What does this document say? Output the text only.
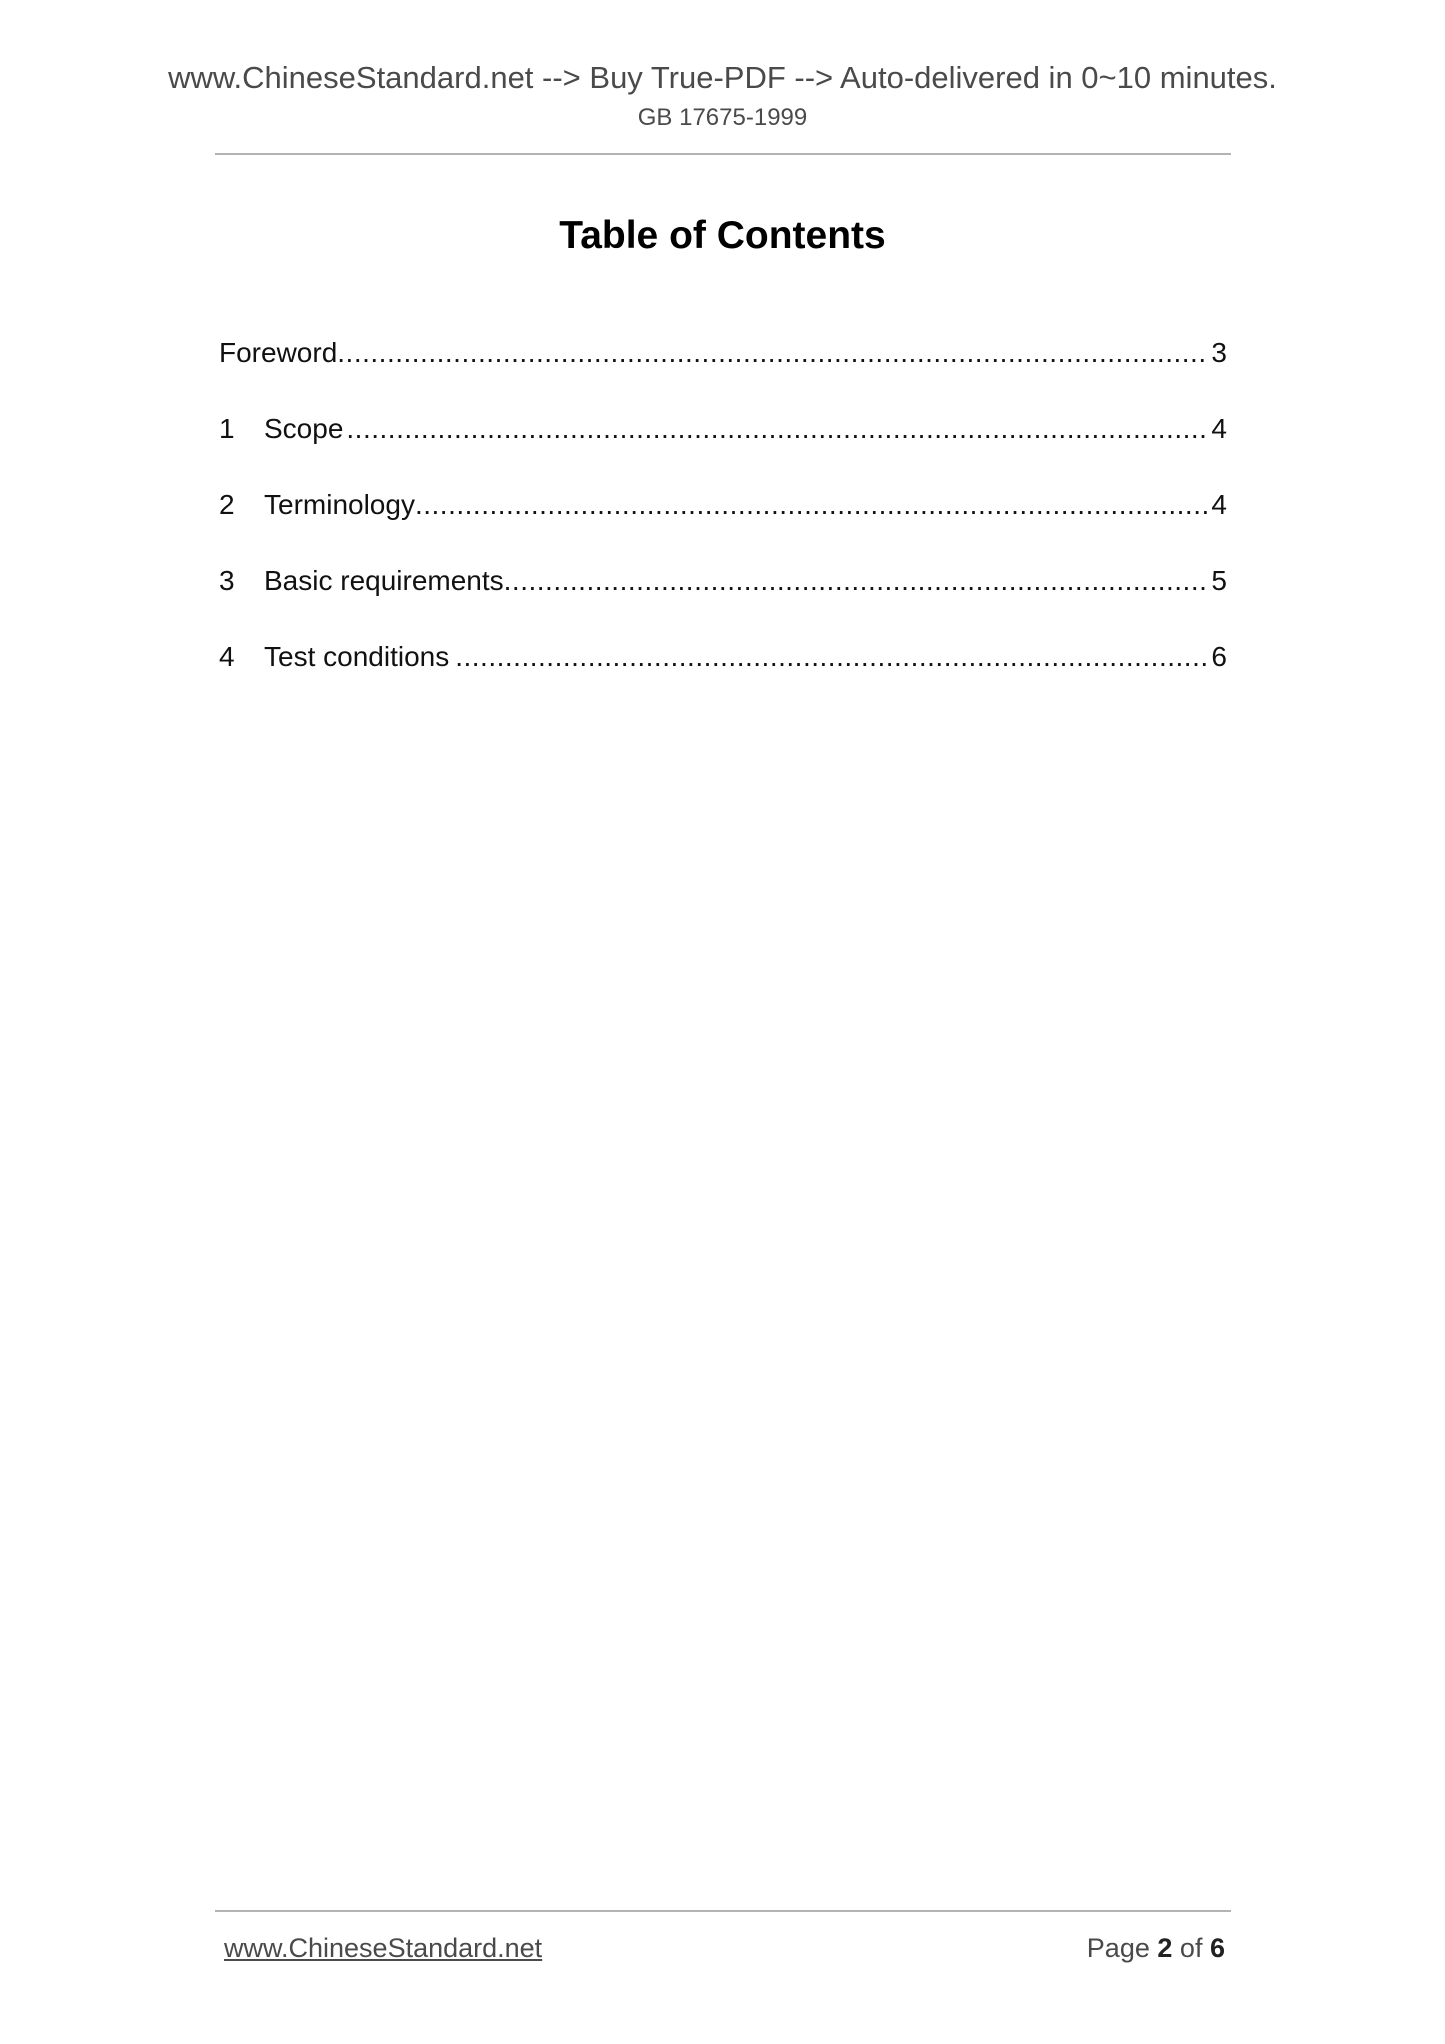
www.ChineseStandard.net --> Buy True-PDF --> Auto-delivered in 0~10 minutes.
GB 17675-1999
Table of Contents
Foreword .....	3
1	Scope .....	4
2	Terminology .....	4
3	Basic requirements .....	5
4	Test conditions .....	6
www.ChineseStandard.net	Page 2 of 6
